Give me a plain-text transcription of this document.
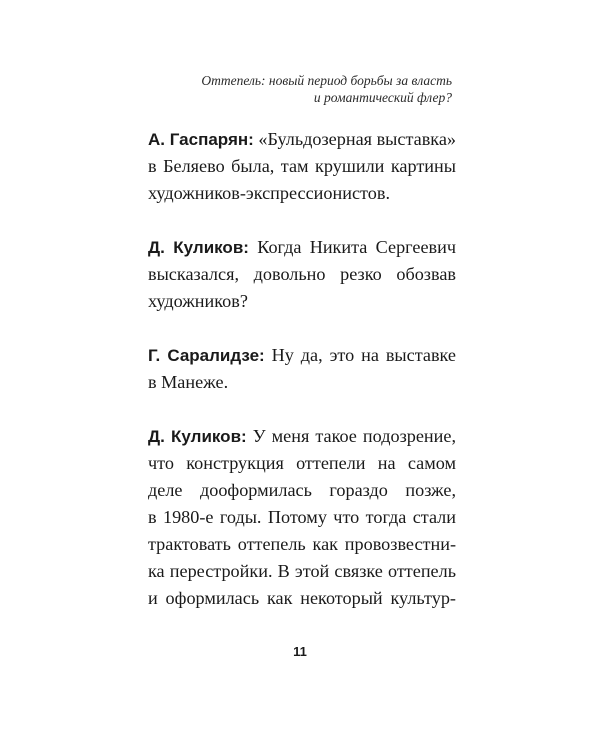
Оттепель: новый период борьбы за власть
и романтический флер?
А. Гаспарян: «Бульдозерная выставка»
в Беляево была, там крушили картины
художников-экспрессионистов.
Д. Куликов: Когда Никита Сергеевич
высказался, довольно резко обозвав
художников?
Г. Саралидзе: Ну да, это на выставке
в Манеже.
Д. Куликов: У меня такое подозрение,
что конструкция оттепели на самом
деле дооформилась гораздо позже,
в 1980-е годы. Потому что тогда стали
трактовать оттепель как провозвестни-
ка перестройки. В этой связке оттепель
и оформилась как некоторый культур-
11
